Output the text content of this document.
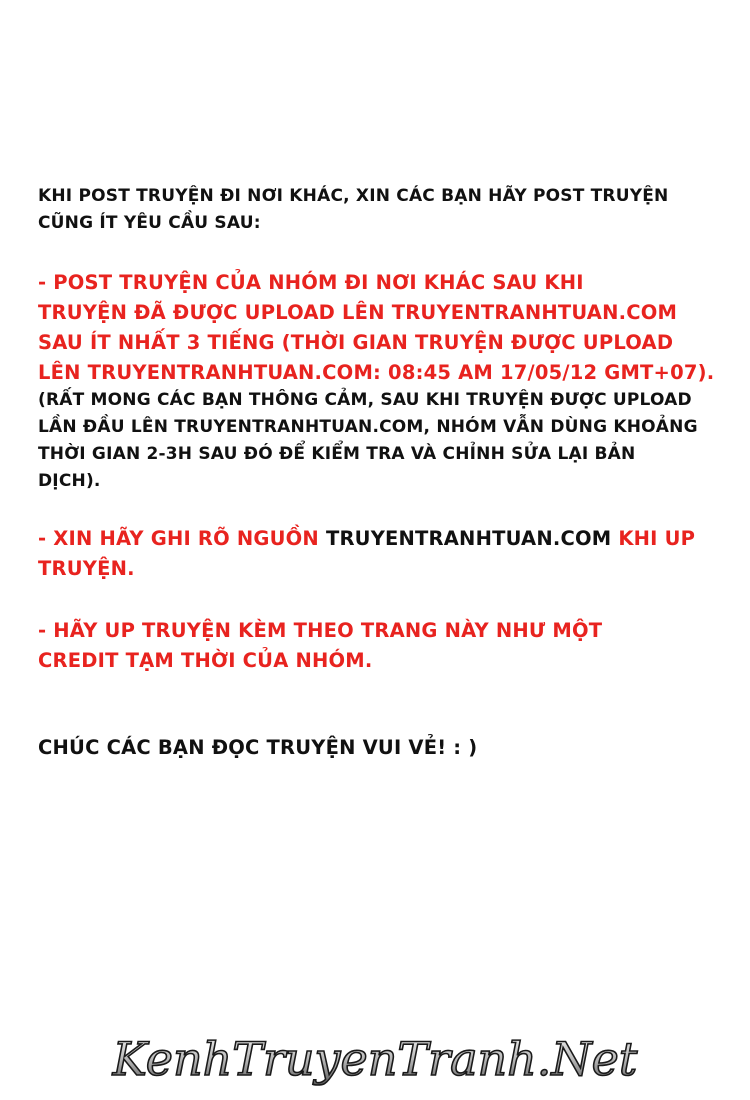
KHI POST TRUYỆN ĐI NƠI KHÁC, XIN CÁC BẠN HÃY POST TRUYỆN
CŨNG ÍT YÊU CẦU SAU:
- POST TRUYỆN CỦA NHÓM ĐI NƠI KHÁC SAU KHI
TRUYỆN ĐÃ ĐƯỢC UPLOAD LÊN TRUYENTRANHTUAN.COM
SAU ÍT NHẤT 3 TIẾNG (THỜI GIAN TRUYỆN ĐƯỢC UPLOAD
LÊN TRUYENTRANHTUAN.COM: 08:45 AM 17/05/12 GMT+07).
(RẤT MONG CÁC BẠN THÔNG CẢM, SAU KHI TRUYỆN ĐƯỢC UPLOAD
LẦN ĐẦU LÊN TRUYENTRANHTUAN.COM, NHÓM VẪN DÙNG KHOẢNG
THỜI GIAN 2-3H SAU ĐÓ ĐỂ KIỂM TRA VÀ CHỈNH SỬA LẠI BẢN
DỊCH).
- XIN HÃY GHI RÕ NGUỒN TRUYENTRANHTUAN.COM KHI UP
TRUYỆN.
- HÃY UP TRUYỆN KÈM THEO TRANG NÀY NHƯ MỘT
CREDIT TẠM THỜI CỦA NHÓM.
CHÚC CÁC BẠN ĐỌC TRUYỆN VUI VẺ! : )
KenhTruyenTranh.Net
